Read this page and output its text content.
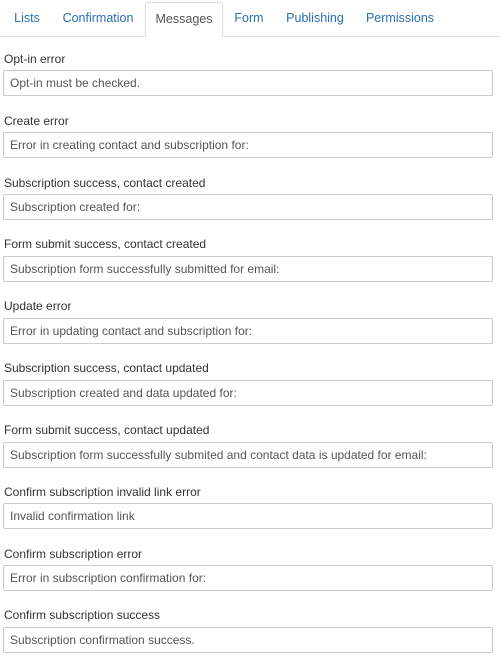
Lists	Confirmation	Messages	Form	Publishing	Permissions
Opt-in error
Opt-in must be checked.
Create error
Error in creating contact and subscription for:
Subscription success, contact created
Subscription created for:
Form submit success, contact created
Subscription form successfully submitted for email:
Update error
Error in updating contact and subscription for:
Subscription success, contact updated
Subscription created and data updated for:
Form submit success, contact updated
Subscription form successfully submited and contact data is updated for email:
Confirm subscription invalid link error
Invalid confirmation link
Confirm subscription error
Error in subscription confirmation for:
Confirm subscription success
Subscription confirmation success.
